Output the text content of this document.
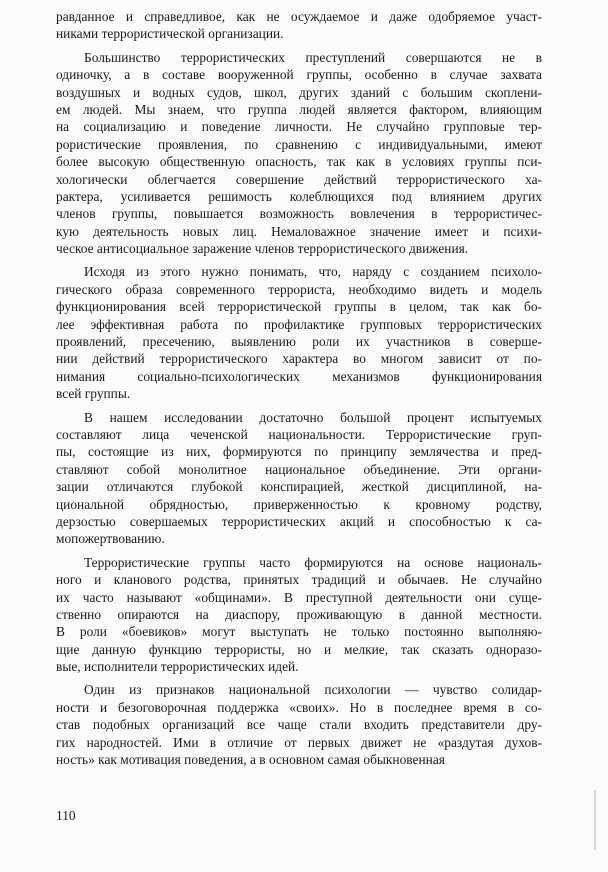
равданное и справедливое, как не осуждаемое и даже одобряемое участ-
никами террористической организации.
Большинство террористических преступлений совершаются не в
одиночку, а в составе вооруженной группы, особенно в случае захвата
воздушных и водных судов, школ, других зданий с большим скоплени-
ем людей. Мы знаем, что группа людей является фактором, влияющим
на социализацию и поведение личности. Не случайно групповые тер-
рористические проявления, по сравнению с индивидуальными, имеют
более высокую общественную опасность, так как в условиях группы пси-
хологически облегчается совершение действий террористического ха-
рактера, усиливается решимость колеблющихся под влиянием других
членов группы, повышается возможность вовлечения в террористичес-
кую деятельность новых лиц. Немаловажное значение имеет и психи-
ческое антисоциальное заражение членов террористического движения.
Исходя из этого нужно понимать, что, наряду с созданием психоло-
гического образа современного террориста, необходимо видеть и модель
функционирования всей террористической группы в целом, так как бо-
лее эффективная работа по профилактике групповых террористических
проявлений, пресечению, выявлению роли их участников в соверше-
нии действий террористического характера во многом зависит от по-
нимания социально-психологических механизмов функционирования
всей группы.
В нашем исследовании достаточно большой процент испытуемых
составляют лица чеченской национальности. Террористические груп-
пы, состоящие из них, формируются по принципу землячества и пред-
ставляют собой монолитное национальное объединение. Эти органи-
зации отличаются глубокой конспирацией, жесткой дисциплиной, на-
циональной обрядностью, приверженностью к кровному родству,
дерзостью совершаемых террористических акций и способностью к са-
мопожертвованию.
Террористические группы часто формируются на основе националь-
ного и кланового родства, принятых традиций и обычаев. Не случайно
их часто называют «общинами». В преступной деятельности они суще-
ственно опираются на диаспору, проживающую в данной местности.
В роли «боевиков» могут выступать не только постоянно выполняю-
щие данную функцию террористы, но и мелкие, так сказать одноразо-
вые, исполнители террористических идей.
Один из признаков национальной психологии — чувство солидар-
ности и безоговорочная поддержка «своих». Но в последнее время в со-
став подобных организаций все чаще стали входить представители дру-
гих народностей. Ими в отличие от первых движет не «раздутая духов-
ность» как мотивация поведения, а в основном самая обыкновенная
110
